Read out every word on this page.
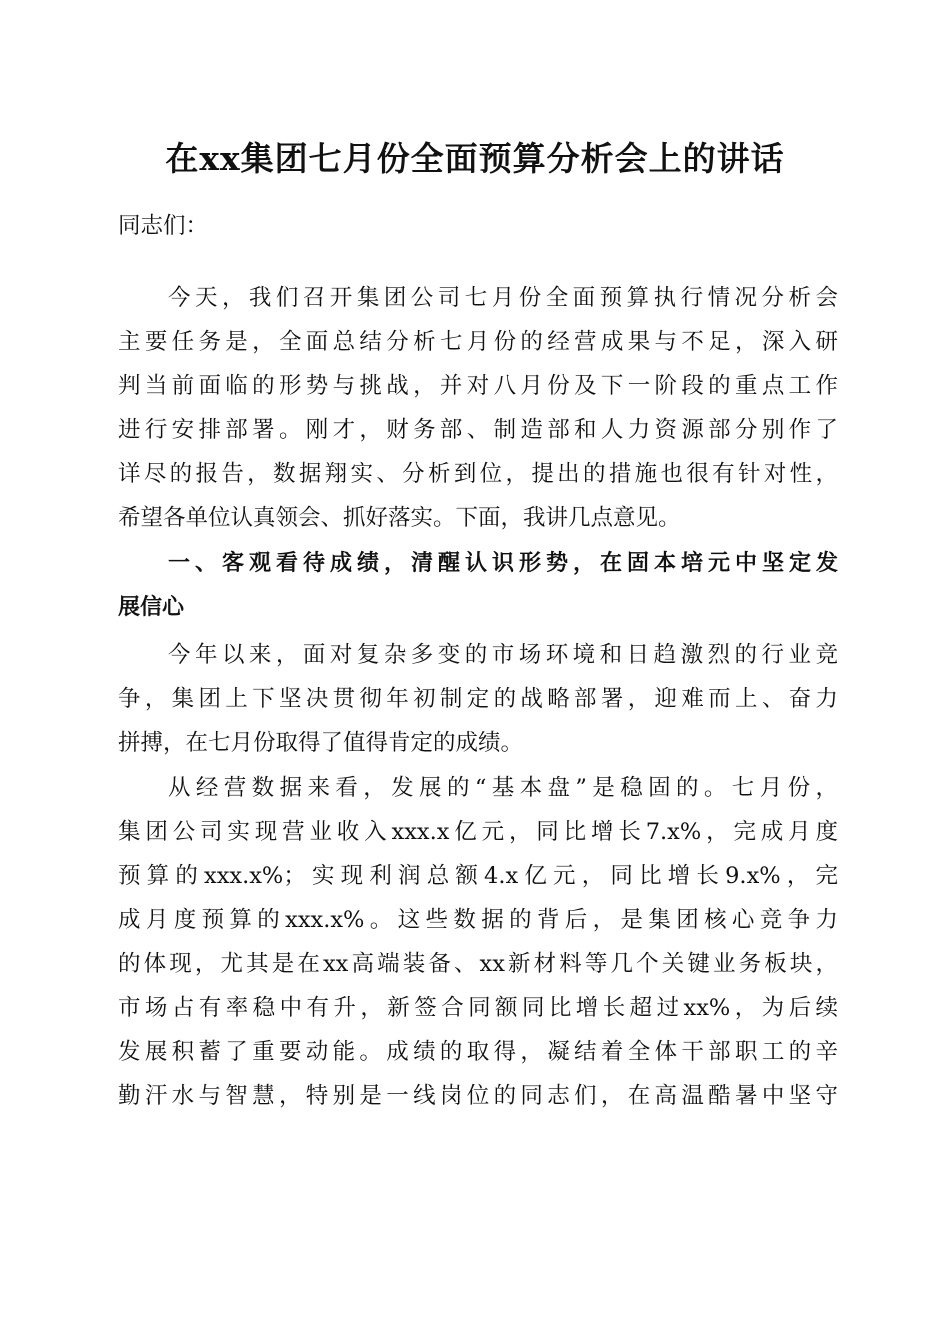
在xx集团七月份全面预算分析会上的讲话

同志们：

今天，我们召开集团公司七月份全面预算执行情况分析会

主要任务是，全面总结分析七月份的经营成果与不足，深入研

判当前面临的形势与挑战，并对八月份及下一阶段的重点工作

进行安排部署。刚才，财务部、制造部和人力资源部分别作了

详尽的报告，数据翔实、分析到位，提出的措施也很有针对性，

希望各单位认真领会、抓好落实。下面，我讲几点意见。

一、客观看待成绩，清醒认识形势，在固本培元中坚定发

展信心

今年以来，面对复杂多变的市场环境和日趋激烈的行业竞

争，集团上下坚决贯彻年初制定的战略部署，迎难而上、奋力

拼搏，在七月份取得了值得肯定的成绩。

从经营数据来看，发展的“基本盘”是稳固的。七月份，

集团公司实现营业收入xxx.x亿元，同比增长7.x%，完成月度

预算的xxx.x%；实现利润总额4.x亿元，同比增长9.x%，完

成月度预算的xxx.x%。这些数据的背后，是集团核心竞争力

的体现，尤其是在xx高端装备、xx新材料等几个关键业务板块，

市场占有率稳中有升，新签合同额同比增长超过xx%，为后续

发展积蓄了重要动能。成绩的取得，凝结着全体干部职工的辛

勤汗水与智慧，特别是一线岗位的同志们，在高温酷暑中坚守
